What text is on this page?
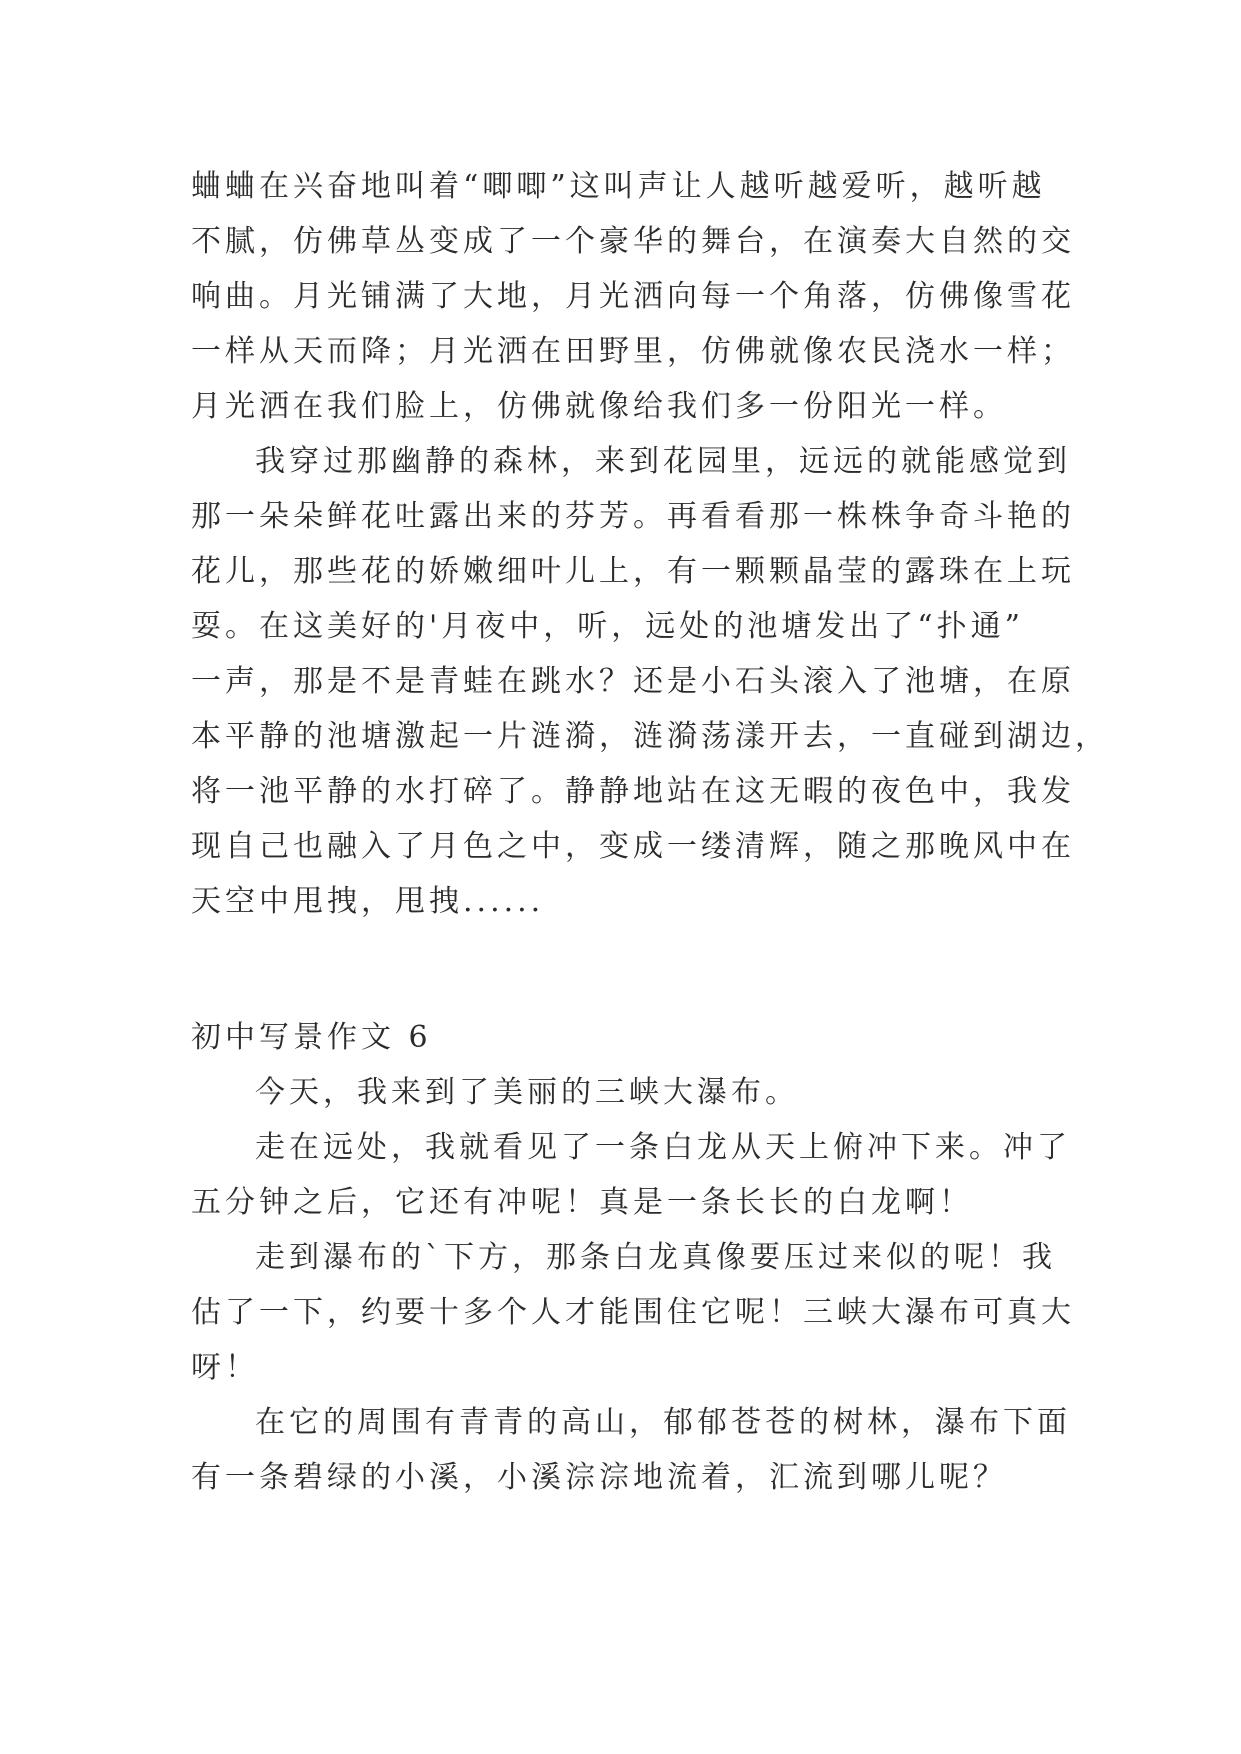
蛐蛐在兴奋地叫着“唧唧”这叫声让人越听越爱听，越听越
不腻，仿佛草丛变成了一个豪华的舞台，在演奏大自然的交
响曲。月光铺满了大地，月光洒向每一个角落，仿佛像雪花
一样从天而降；月光洒在田野里，仿佛就像农民浇水一样；
月光洒在我们脸上，仿佛就像给我们多一份阳光一样。
我穿过那幽静的森林，来到花园里，远远的就能感觉到
那一朵朵鲜花吐露出来的芬芳。再看看那一株株争奇斗艳的
花儿，那些花的娇嫩细叶儿上，有一颗颗晶莹的露珠在上玩
耍。在这美好的'月夜中，听，远处的池塘发出了“扑通”
一声，那是不是青蛙在跳水？还是小石头滚入了池塘，在原
本平静的池塘激起一片涟漪，涟漪荡漾开去，一直碰到湖边，
将一池平静的水打碎了。静静地站在这无暇的夜色中，我发
现自己也融入了月色之中，变成一缕清辉，随之那晚风中在
天空中甩拽，甩拽......
初中写景作文 6
今天，我来到了美丽的三峡大瀑布。
走在远处，我就看见了一条白龙从天上俯冲下来。冲了
五分钟之后，它还有冲呢！真是一条长长的白龙啊！
走到瀑布的`下方，那条白龙真像要压过来似的呢！我
估了一下，约要十多个人才能围住它呢！三峡大瀑布可真大
呀！
在它的周围有青青的高山，郁郁苍苍的树林，瀑布下面
有一条碧绿的小溪，小溪淙淙地流着，汇流到哪儿呢？
